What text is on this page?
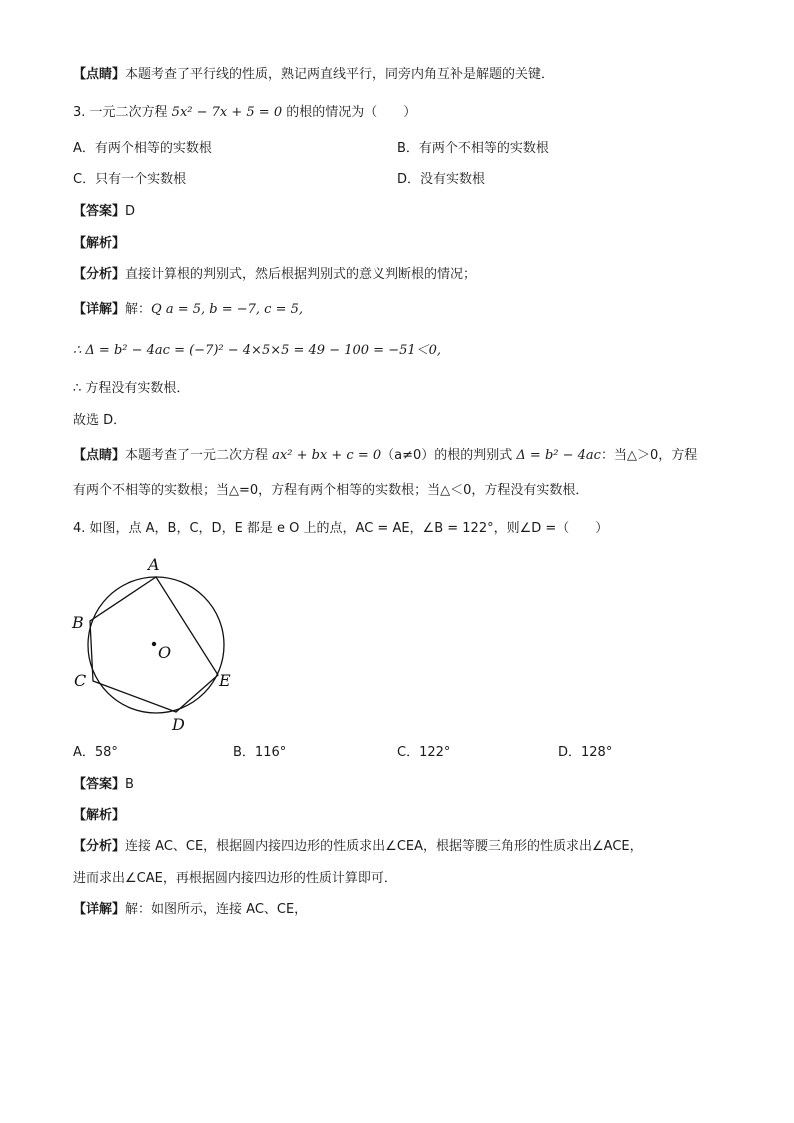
【点睛】本题考查了平行线的性质，熟记两直线平行，同旁内角互补是解题的关键．
3. 一元二次方程 5x² − 7x + 5 = 0 的根的情况为（　　）
A．有两个相等的实数根	B．有两个不相等的实数根
C．只有一个实数根	D．没有实数根
【答案】D
【解析】
【分析】直接计算根的判别式，然后根据判别式的意义判断根的情况；
【详解】解：Q a = 5, b = −7, c = 5,
∴ Δ = b² − 4ac = (−7)² − 4×5×5 = 49 − 100 = −51＜0,
∴ 方程没有实数根．
故选 D．
【点睛】本题考查了一元二次方程 ax² + bx + c = 0（a≠0）的根的判别式 Δ = b² − 4ac：当△＞0，方程
有两个不相等的实数根；当△=0，方程有两个相等的实数根；当△＜0，方程没有实数根．
4. 如图，点 A，B，C，D，E 都是 e O 上的点，AC = AE，∠B = 122°，则∠D =（　　）
A
B
C
D
E
O
A．58°	B．116°	C．122°	D．128°
【答案】B
【解析】
【分析】连接 AC、CE，根据圆内接四边形的性质求出∠CEA，根据等腰三角形的性质求出∠ACE，
进而求出∠CAE，再根据圆内接四边形的性质计算即可．
【详解】解：如图所示，连接 AC、CE，
